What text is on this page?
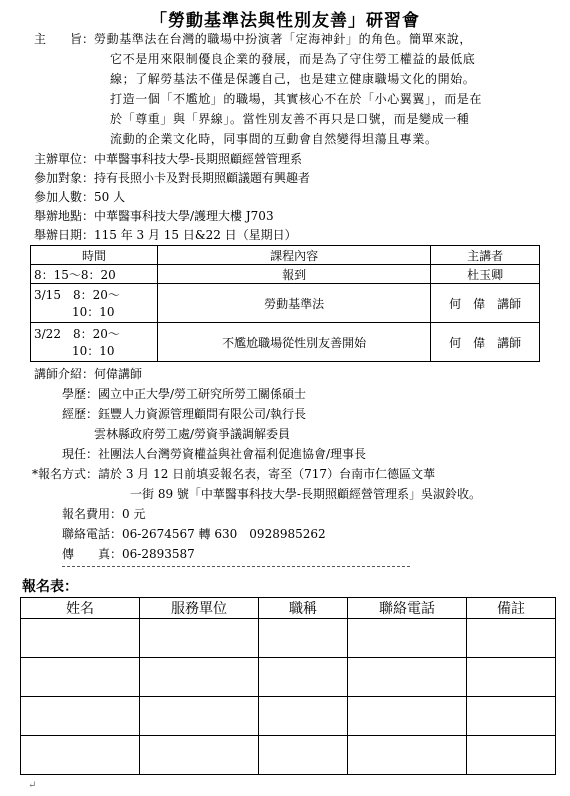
「勞動基準法與性別友善」研習會
主　　旨： 勞動基準法在台灣的職場中扮演著「定海神針」的角色。簡單來說，
它不是用來限制優良企業的發展，而是為了守住勞工權益的最低底
線；了解勞基法不僅是保護自己，也是建立健康職場文化的開始。
打造一個「不尷尬」的職場，其實核心不在於「小心翼翼」，而是在
於「尊重」與「界線」。當性別友善不再只是口號，而是變成一種
流動的企業文化時，同事間的互動會自然變得坦蕩且專業。
主辦單位：中華醫事科技大學-長期照顧經營管理系
參加對象：持有長照小卡及對長期照顧議題有興趣者
參加人數：50 人
舉辦地點：中華醫事科技大學/護理大樓 J703
舉辦日期：115 年 3 月 15 日&22 日（星期日）
時間	課程內容	主講者
8：15～8：20	報到	杜玉卿

3/15　8：20～
10：10	勞動基準法	何　偉　講師

3/22　8：20～
10：10	不尷尬職場從性別友善開始	何　偉　講師
講師介紹：何偉講師
學歷：國立中正大學/勞工研究所勞工關係碩士
經歷：鈺豐人力資源管理顧問有限公司/執行長
雲林縣政府勞工處/勞資爭議調解委員
現任：社團法人台灣勞資權益與社會福利促進協會/理事長
*報名方式：請於 3 月 12 日前填妥報名表，寄至（717）台南市仁德區文華
一街 89 號「中華醫事科技大學-長期照顧經營管理系」吳淑鈴收。
報名費用：0 元
聯絡電話：06-2674567 轉 630　0928985262
傳　　真：06-2893587
報名表：
姓名	服務單位	職稱	聯絡電話	備註

↵
